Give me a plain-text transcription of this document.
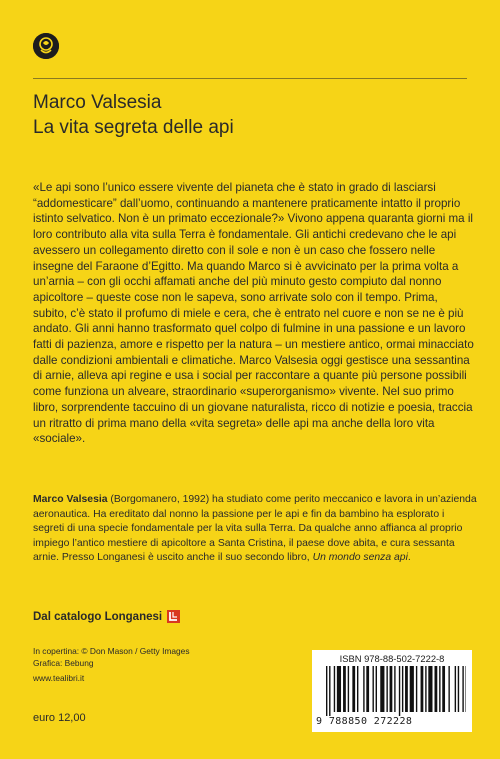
Marco Valsesia
La vita segreta delle api

«Le api sono l’unico essere vivente del pianeta che è stato in grado di lasciarsi “addomesticare” dall’uomo, continuando a mantenere praticamente intatto il proprio istinto selvatico. Non è un primato eccezionale?» Vivono appena quaranta giorni ma il loro contributo alla vita sulla Terra è fondamentale. Gli antichi credevano che le api avessero un collegamento diretto con il sole e non è un caso che fossero nelle insegne del Faraone d’Egitto. Ma quando Marco si è avvicinato per la prima volta a un’arnia – con gli occhi affamati anche del più minuto gesto compiuto dal nonno apicoltore – queste cose non le sapeva, sono arrivate solo con il tempo. Prima, subito, c’è stato il profumo di miele e cera, che è entrato nel cuore e non se ne è più andato. Gli anni hanno trasformato quel colpo di fulmine in una passione e un lavoro fatti di pazienza, amore e rispetto per la natura – un mestiere antico, ormai minacciato dalle condizioni ambientali e climatiche. Marco Valsesia oggi gestisce una sessantina di arnie, alleva api regine e usa i social per raccontare a quante più persone possibili come funziona un alveare, straordinario «superorganismo» vivente. Nel suo primo libro, sorprendente taccuino di un giovane naturalista, ricco di notizie e poesia, traccia un ritratto di prima mano della «vita segreta» delle api ma anche della loro vita «sociale».

Marco Valsesia (Borgomanero, 1992) ha studiato come perito meccanico e lavora in un’azienda aeronautica. Ha ereditato dal nonno la passione per le api e fin da bambino ha esplorato i segreti di una specie fondamentale per la vita sulla Terra. Da qualche anno affianca al proprio impiego l’antico mestiere di apicoltore a Santa Cristina, il paese dove abita, e cura sessanta arnie. Presso Longanesi è uscito anche il suo secondo libro, Un mondo senza api.

Dal catalogo Longanesi
In copertina: © Don Mason / Getty Images
Grafica: Bebung
www.tealibri.it
euro 12,00
ISBN 978-88-502-7222-8
9 788850 272228
